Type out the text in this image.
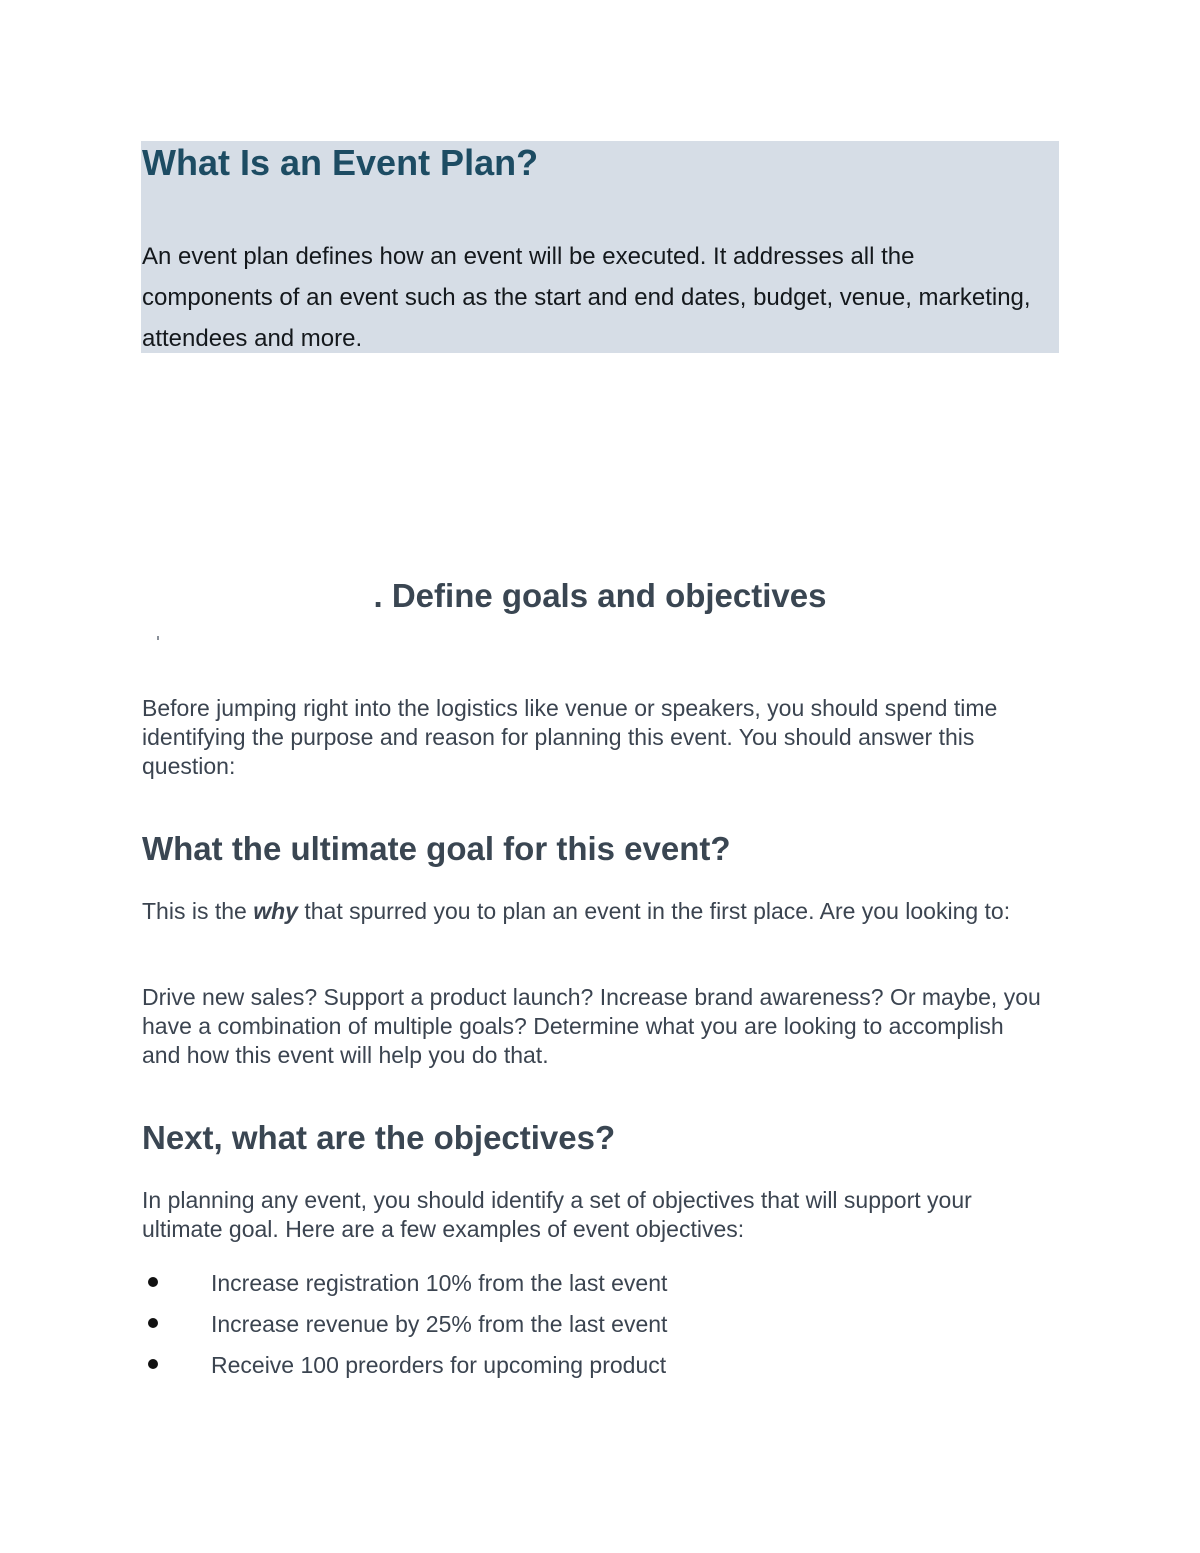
What Is an Event Plan?

An event plan defines how an event will be executed. It addresses all the components of an event such as the start and end dates, budget, venue, marketing, attendees and more.

. Define goals and objectives

Before jumping right into the logistics like venue or speakers, you should spend time identifying the purpose and reason for planning this event. You should answer this question:

What the ultimate goal for this event?

This is the why that spurred you to plan an event in the first place. Are you looking to:

Drive new sales? Support a product launch? Increase brand awareness? Or maybe, you have a combination of multiple goals? Determine what you are looking to accomplish and how this event will help you do that.

Next, what are the objectives?

In planning any event, you should identify a set of objectives that will support your ultimate goal. Here are a few examples of event objectives:

Increase registration 10% from the last event
Increase revenue by 25% from the last event
Receive 100 preorders for upcoming product
